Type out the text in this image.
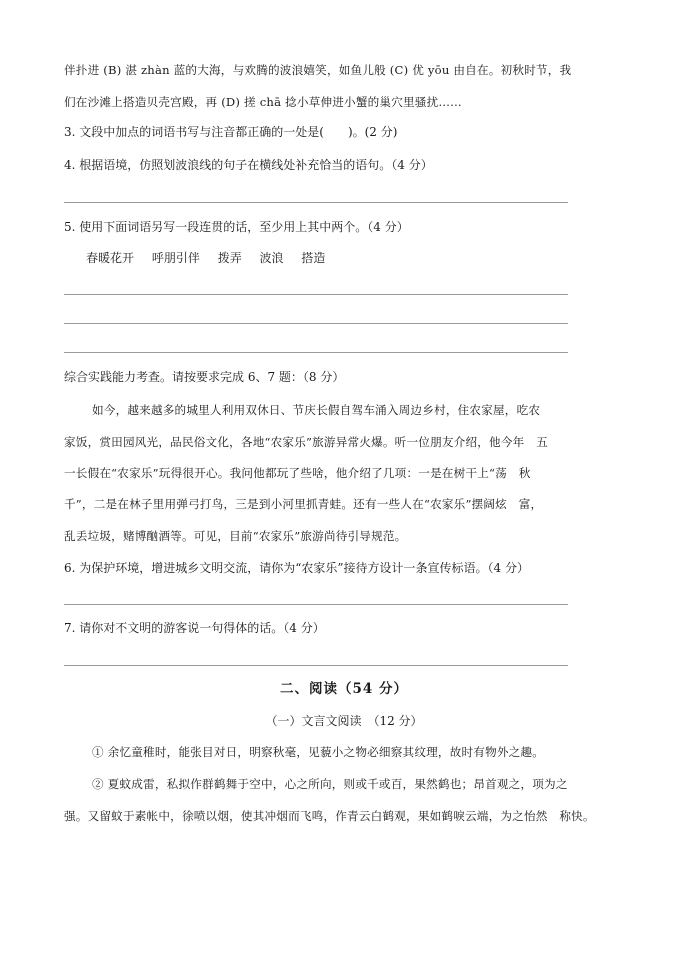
伴扑进 (B) 湛 zhàn 蓝的大海，与欢腾的波浪嬉笑，如鱼儿般 (C) 优 yōu 由自在。初秋时节，我
们在沙滩上搭造贝壳宫殿，再 (D) 搓 chā 捻小草伸进小蟹的巢穴里骚扰……
3. 文段中加点的词语书写与注音都正确的一处是(　　)。(2 分)
4. 根据语境，仿照划波浪线的句子在横线处补充恰当的语句。（4 分）
5. 使用下面词语另写一段连贯的话，至少用上其中两个。（4 分）
春暖花开 呼朋引伴 拨弄 波浪 搭造
综合实践能力考查。请按要求完成 6、7 题：（8 分）
如今，越来越多的城里人利用双休日、节庆长假自驾车涌入周边乡村，住农家屋，吃农
家饭，赏田园风光，品民俗文化，各地“农家乐”旅游异常火爆。听一位朋友介绍，他今年　五
一长假在“农家乐”玩得很开心。我问他都玩了些啥，他介绍了几项：一是在树干上“荡　秋
千”，二是在林子里用弹弓打鸟，三是到小河里抓青蛙。还有一些人在“农家乐”摆阔炫　富，
乱丢垃圾，赌博酗酒等。可见，目前“农家乐”旅游尚待引导规范。
6. 为保护环境，增进城乡文明交流，请你为“农家乐”接待方设计一条宣传标语。（4 分）
7. 请你对不文明的游客说一句得体的话。（4 分）
二、阅读（54 分）
（一）文言文阅读　（12 分）
① 余忆童稚时，能张目对日，明察秋毫，见藐小之物必细察其纹理，故时有物外之趣。
② 夏蚊成雷，私拟作群鹤舞于空中，心之所向，则或千或百，果然鹤也；昂首观之，项为之
强。又留蚊于素帐中，徐喷以烟，使其冲烟而飞鸣，作青云白鹤观，果如鹤唳云端，为之怡然　称快。
